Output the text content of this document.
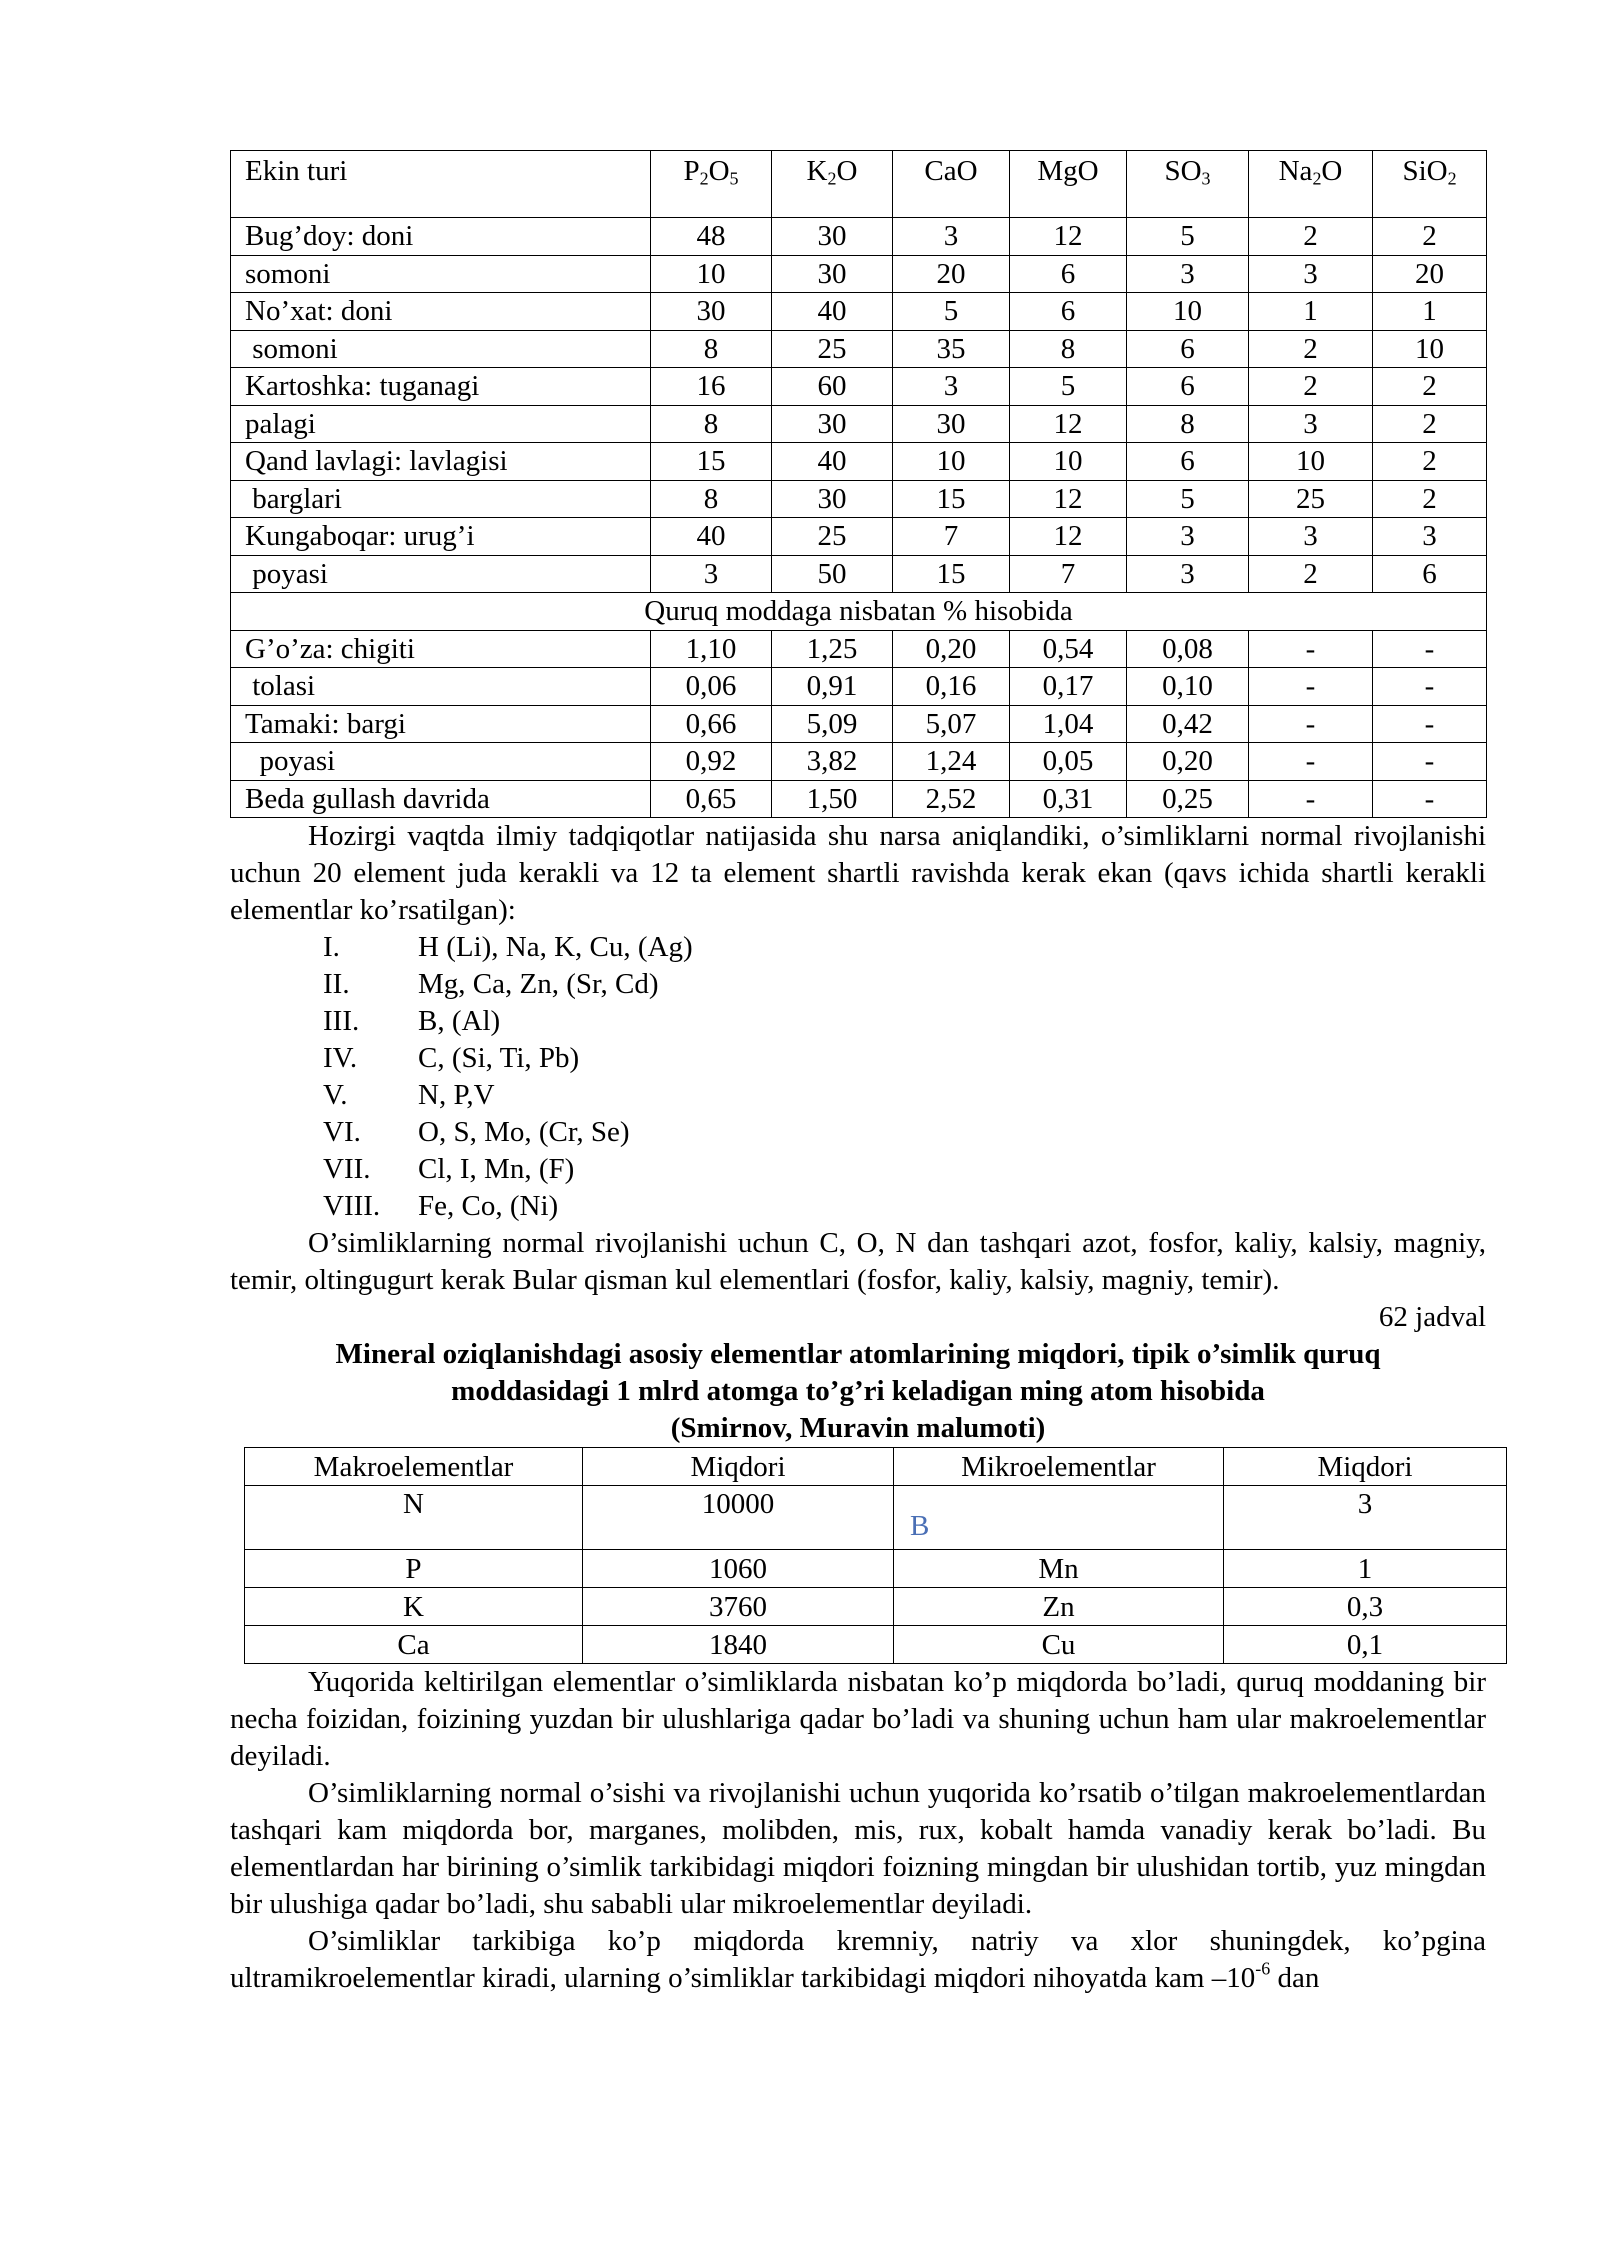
Ekin turi	$P_2O_5$	$K_2O$	CaO	MgO	$SO_3$	$Na_2O$	SiO$_2$
Bug’doy: doni	48	30	3	12	5	2	2
somoni	10	30	20	6	3	3	20
No’xat: doni	30	40	5	6	10	1	1
somoni	8	25	35	8	6	2	10
Kartoshka: tuganagi	16	60	3	5	6	2	2
palagi	8	30	30	12	8	3	2
Qand lavlagi: lavlagisi	15	40	10	10	6	10	2
barglari	8	30	15	12	5	25	2
Kungaboqar: urug’i	40	25	7	12	3	3	3
poyasi	3	50	15	7	3	2	6
Quruq moddaga nisbatan % hisobida							
G’o’za: chigiti	1,10	1,25	0,20	0,54	0,08	-	-
tolasi	0,06	0,91	0,16	0,17	0,10	-	-
Tamaki: bargi	0,66	5,09	5,07	1,04	0,42	-	-
poyasi	0,92	3,82	1,24	0,05	0,20	-	-
Beda gullash davrida	0,65	1,50	2,52	0,31	0,25	-	-

Hozirgi vaqtda ilmiy tadqiqotlar natijasida shu narsa aniqlandiki, o’simliklarni normal rivojlanishi uchun 20 element juda kerakli va 12 ta element shartli ravishda kerak ekan (qavs ichida shartli kerakli elementlar ko’rsatilgan):

I.	H (Li), Na, K, Cu, (Ag)
II.	Mg, Ca, Zn, (Sr, Cd)
III.	B, (Al)
IV.	C, (Si, Ti, Pb)
V.	N, P,V
VI.	O, S, Mo, (Cr, Se)
VII.	Cl, I, Mn, (F)
VIII.	Fe, Co, (Ni)

O’simliklarning normal rivojlanishi uchun C, O, N dan tashqari azot, fosfor, kaliy, kalsiy, magniy, temir, oltingugurt kerak Bular qisman kul elementlari (fosfor, kaliy, kalsiy, magniy, temir).

62 jadval

Mineral oziqlanishdagi asosiy elementlar atomlarining miqdori, tipik o’simlik quruq

moddasidagi 1 mlrd atomga to’g’ri keladigan ming atom hisobida

(Smirnov, Muravin malumoti)

Makroelementlar	Miqdori	Mikroelementlar	Miqdori
N	10000	B	3
P	1060	Mn	1
K	3760	Zn	0,3
Ca	1840	Cu	0,1

Yuqorida keltirilgan elementlar o’simliklarda nisbatan ko’p miqdorda bo’ladi, quruq moddaning bir necha foizidan, foizining yuzdan bir ulushlariga qadar bo’ladi va shuning uchun ham ular makroelementlar deyiladi.

O’simliklarning normal o’sishi va rivojlanishi uchun yuqorida ko’rsatib o’tilgan makroelementlardan tashqari kam miqdorda bor, marganes, molibden, mis, rux, kobalt hamda vanadiy kerak bo’ladi. Bu elementlardan har birining o’simlik tarkibidagi miqdori foizning mingdan bir ulushidan tortib, yuz mingdan bir ulushiga qadar bo’ladi, shu sababli ular mikroelementlar deyiladi.

O’simliklar tarkibiga ko’p miqdorda kremniy, natriy va xlor shuningdek, ko’pgina ultramikroelementlar kiradi, ularning o’simliklar tarkibidagi miqdori nihoyatda kam $-10^{-6}$ dan
